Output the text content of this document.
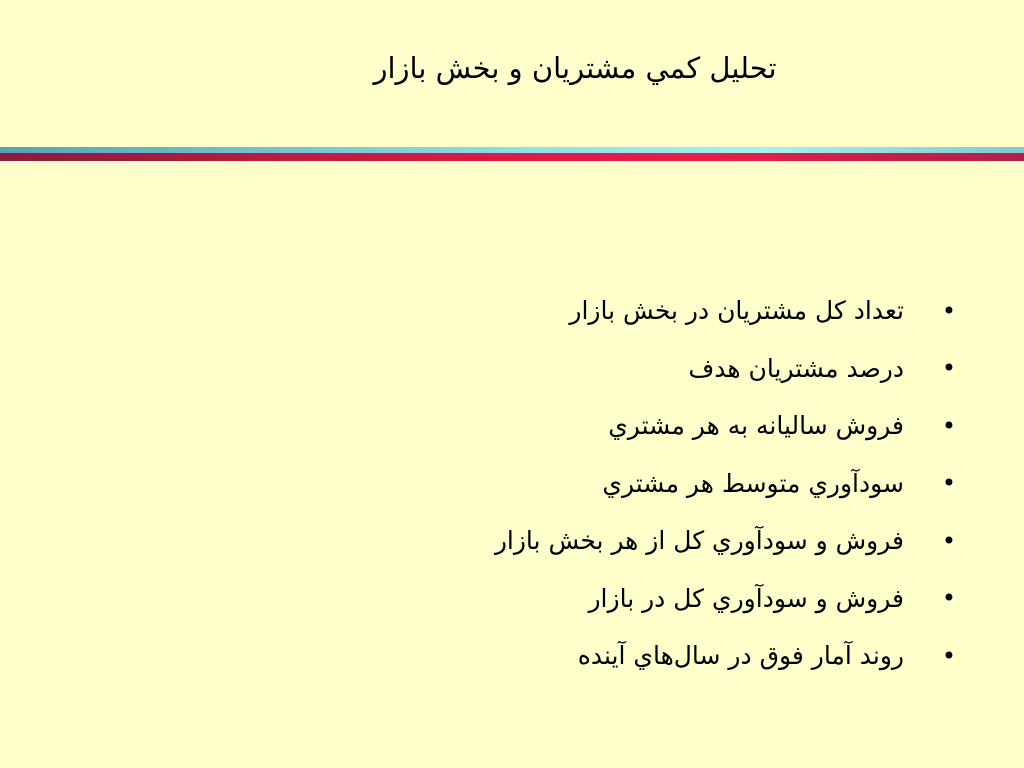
تحليل كمي مشتريان و بخش بازار
•
تعداد كل مشتريان در بخش بازار
•
درصد مشتريان هدف
•
فروش ساليانه به هر مشتري
•
سودآوري متوسط هر مشتري
•
فروش و سودآوري كل از هر بخش بازار
•
فروش و سودآوري كل در بازار
•
روند آمار فوق در سال‌هاي آينده
